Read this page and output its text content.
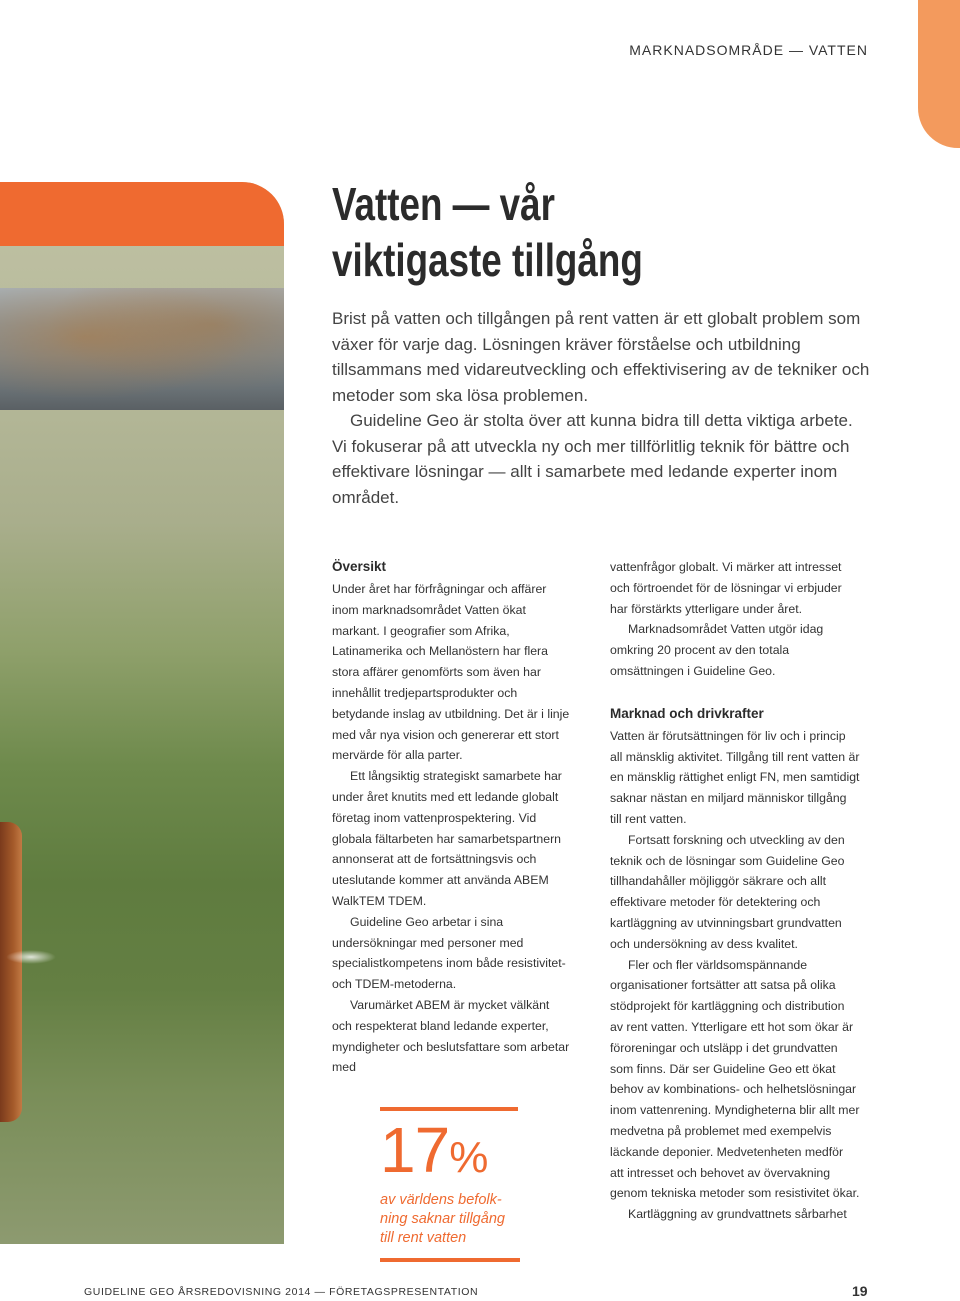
MARKNADSOMRÅDE — VATTEN
Vatten — vår
viktigaste tillgång

Brist på vatten och tillgången på rent vatten är ett globalt problem som växer för varje dag. Lösningen kräver förståelse och utbildning tillsammans med vidareutveckling och effektivisering av de tekniker och metoder som ska lösa problemen.

Guideline Geo är stolta över att kunna bidra till detta viktiga arbete. Vi fokuserar på att utveckla ny och mer tillförlitlig teknik för bättre och effektivare lösningar — allt i samarbete med ledande experter inom området.

Översikt

Under året har förfrågningar och affärer inom marknadsområdet Vatten ökat markant. I geografier som Afrika, Latinamerika och Mellanöstern har flera stora affärer genomförts som även har innehållit tredjepartsprodukter och betydande inslag av utbildning. Det är i linje med vår nya vision och genererar ett stort mervärde för alla parter.

Ett långsiktig strategiskt samarbete har under året knutits med ett ledande globalt företag inom vattenprospektering. Vid globala fältarbeten har samarbetspartnern annonserat att de fortsättningsvis och uteslutande kommer att använda ABEM WalkTEM TDEM.

Guideline Geo arbetar i sina undersökningar med personer med specialistkompetens inom både resistivitet- och TDEM-metoderna.

Varumärket ABEM är mycket välkänt och respekterat bland ledande experter, myndigheter och beslutsfattare som arbetar med

17%
av världens befolk-
ning saknar tillgång
till rent vatten

vattenfrågor globalt. Vi märker att intresset och förtroendet för de lösningar vi erbjuder har förstärkts ytterligare under året.

Marknadsområdet Vatten utgör idag omkring 20 procent av den totala omsättningen i Guideline Geo.

Marknad och drivkrafter

Vatten är förutsättningen för liv och i princip all mänsklig aktivitet. Tillgång till rent vatten är en mänsklig rättighet enligt FN, men samtidigt saknar nästan en miljard människor tillgång till rent vatten.

Fortsatt forskning och utveckling av den teknik och de lösningar som Guideline Geo tillhandahåller möjliggör säkrare och allt effektivare metoder för detektering och kartläggning av utvinningsbart grundvatten och undersökning av dess kvalitet.

Fler och fler världsomspännande organisationer fortsätter att satsa på olika stödprojekt för kartläggning och distribution av rent vatten. Ytterligare ett hot som ökar är föroreningar och utsläpp i det grundvatten som finns. Där ser Guideline Geo ett ökat behov av kombinations- och helhetslösningar inom vattenrening. Myndigheterna blir allt mer medvetna på problemet med exempelvis läckande deponier. Medvetenheten medför att intresset och behovet av övervakning genom tekniska metoder som resistivitet ökar.

Kartläggning av grundvattnets sårbarhet

GUIDELINE GEO ÅRSREDOVISNING 2014 — FÖRETAGSPRESENTATION	19
